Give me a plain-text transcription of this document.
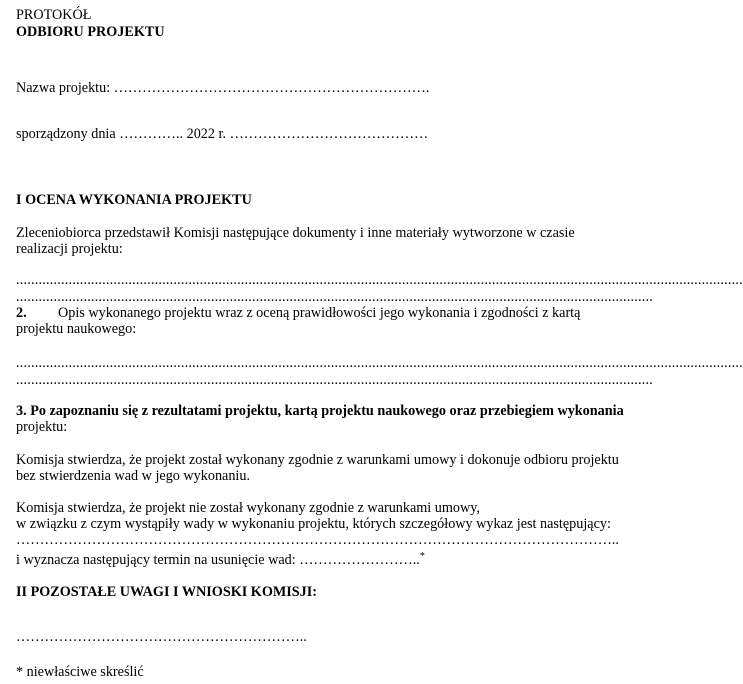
PROTOKÓŁ
ODBIORU PROJEKTU
Nazwa projektu: ………………………………………………………….
sporządzony dnia ………….. 2022 r. ……………………………………
I OCENA WYKONANIA PROJEKTU
Zleceniobiorca przedstawił Komisji następujące dokumenty i inne materiały wytworzone w czasie
realizacji projektu:
..................................................................................................................................................................................................
..........................................................................................................................................................................
2. Opis wykonanego projektu wraz z oceną prawidłowości jego wykonania i zgodności z kartą
projektu naukowego:
..................................................................................................................................................................................................
..........................................................................................................................................................................
3. Po zapoznaniu się z rezultatami projektu, kartą projektu naukowego oraz przebiegiem wykonania
projektu:
Komisja stwierdza, że projekt został wykonany zgodnie z warunkami umowy i dokonuje odbioru projektu
bez stwierdzenia wad w jego wykonaniu.
Komisja stwierdza, że projekt nie został wykonany zgodnie z warunkami umowy,
w związku z czym wystąpiły wady w wykonaniu projektu, których szczegółowy wykaz jest następujący:
………………………………………………………………………………………………………………..
i wyznacza następujący termin na usunięcie wad: ……………………..*
II POZOSTAŁE UWAGI I WNIOSKI KOMISJI:
……………………………………………………..
* niewłaściwe skreślić
